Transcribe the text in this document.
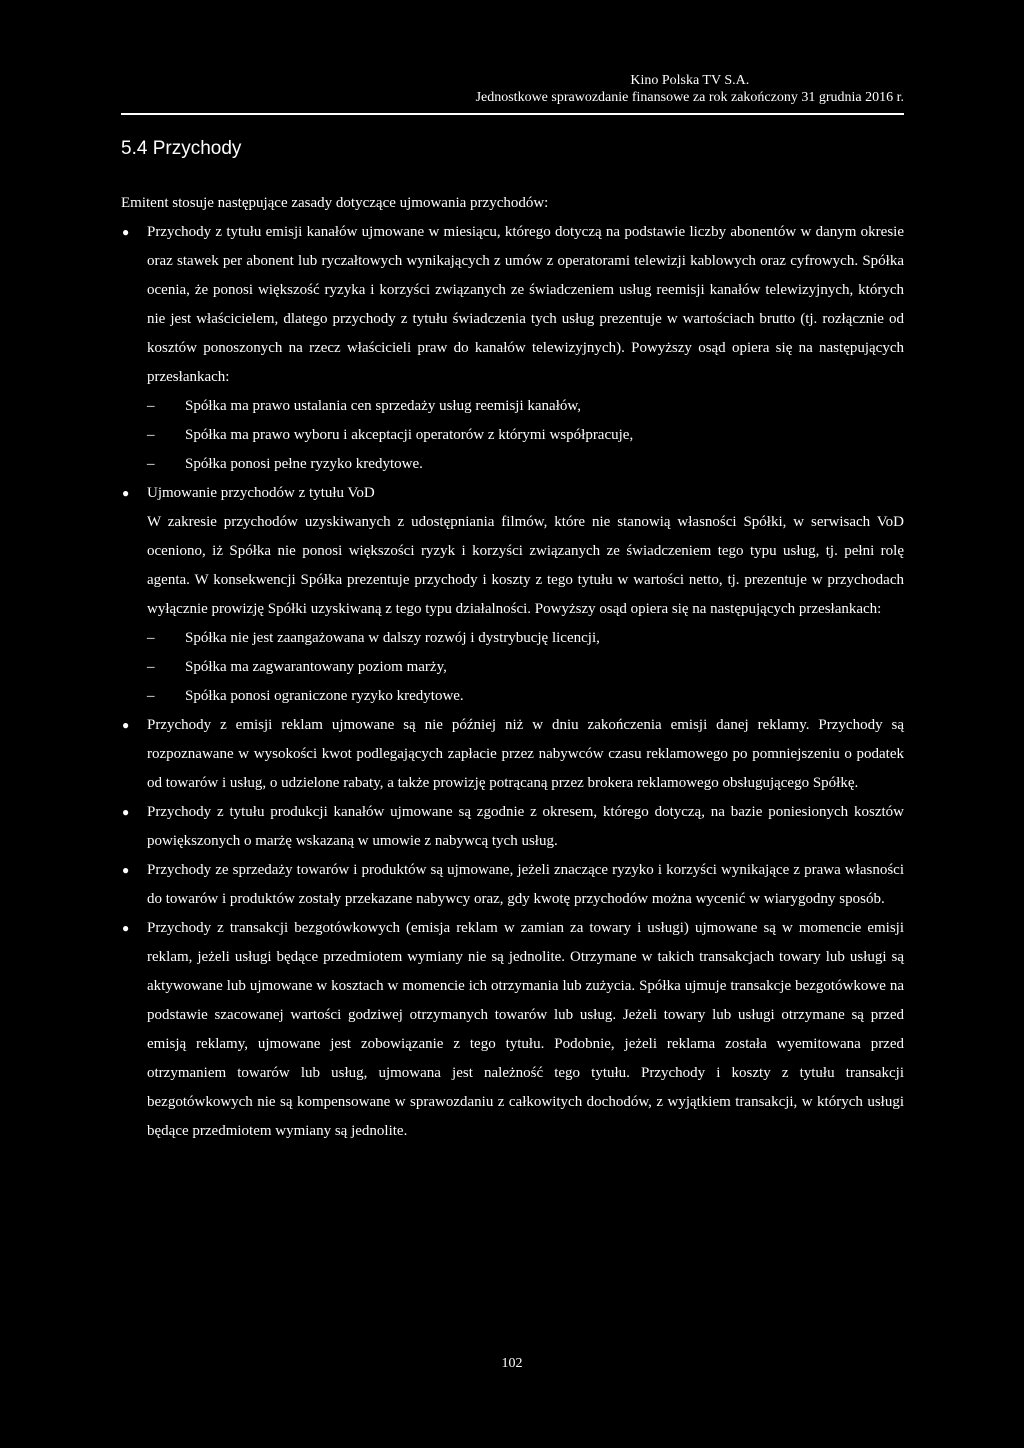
Kino Polska TV S.A.
Jednostkowe sprawozdanie finansowe za rok zakończony 31 grudnia 2016 r.
5.4 Przychody

Emitent stosuje następujące zasady dotyczące ujmowania przychodów:

● Przychody z tytułu emisji kanałów ujmowane w miesiącu, którego dotyczą na podstawie liczby abonentów w danym okresie oraz stawek per abonent lub ryczałtowych wynikających z umów z operatorami telewizji kablowych oraz cyfrowych. Spółka ocenia, że ponosi większość ryzyka i korzyści związanych ze świadczeniem usług reemisji kanałów telewizyjnych, których nie jest właścicielem, dlatego przychody z tytułu świadczenia tych usług prezentuje w wartościach brutto (tj. rozłącznie od kosztów ponoszonych na rzecz właścicieli praw do kanałów telewizyjnych). Powyższy osąd opiera się na następujących przesłankach:

– Spółka ma prawo ustalania cen sprzedaży usług reemisji kanałów,
– Spółka ma prawo wyboru i akceptacji operatorów z którymi współpracuje,
– Spółka ponosi pełne ryzyko kredytowe.
● Ujmowanie przychodów z tytułu VoD

W zakresie przychodów uzyskiwanych z udostępniania filmów, które nie stanowią własności Spółki, w serwisach VoD oceniono, iż Spółka nie ponosi większości ryzyk i korzyści związanych ze świadczeniem tego typu usług, tj. pełni rolę agenta. W konsekwencji Spółka prezentuje przychody i koszty z tego tytułu w wartości netto, tj. prezentuje w przychodach wyłącznie prowizję Spółki uzyskiwaną z tego typu działalności. Powyższy osąd opiera się na następujących przesłankach:

– Spółka nie jest zaangażowana w dalszy rozwój i dystrybucję licencji,
– Spółka ma zagwarantowany poziom marży,
– Spółka ponosi ograniczone ryzyko kredytowe.
● Przychody z emisji reklam ujmowane są nie później niż w dniu zakończenia emisji danej reklamy. Przychody są rozpoznawane w wysokości kwot podlegających zapłacie przez nabywców czasu reklamowego po pomniejszeniu o podatek od towarów i usług, o udzielone rabaty, a także prowizję potrącaną przez brokera reklamowego obsługującego Spółkę.

● Przychody z tytułu produkcji kanałów ujmowane są zgodnie z okresem, którego dotyczą, na bazie poniesionych kosztów powiększonych o marżę wskazaną w umowie z nabywcą tych usług.

● Przychody ze sprzedaży towarów i produktów są ujmowane, jeżeli znaczące ryzyko i korzyści wynikające z prawa własności do towarów i produktów zostały przekazane nabywcy oraz, gdy kwotę przychodów można wycenić w wiarygodny sposób.

● Przychody z transakcji bezgotówkowych (emisja reklam w zamian za towary i usługi) ujmowane są w momencie emisji reklam, jeżeli usługi będące przedmiotem wymiany nie są jednolite. Otrzymane w takich transakcjach towary lub usługi są aktywowane lub ujmowane w kosztach w momencie ich otrzymania lub zużycia. Spółka ujmuje transakcje bezgotówkowe na podstawie szacowanej wartości godziwej otrzymanych towarów lub usług. Jeżeli towary lub usługi otrzymane są przed emisją reklamy, ujmowane jest zobowiązanie z tego tytułu. Podobnie, jeżeli reklama została wyemitowana przed otrzymaniem towarów lub usług, ujmowana jest należność tego tytułu. Przychody i koszty z tytułu transakcji bezgotówkowych nie są kompensowane w sprawozdaniu z całkowitych dochodów, z wyjątkiem transakcji, w których usługi będące przedmiotem wymiany są jednolite.

102
